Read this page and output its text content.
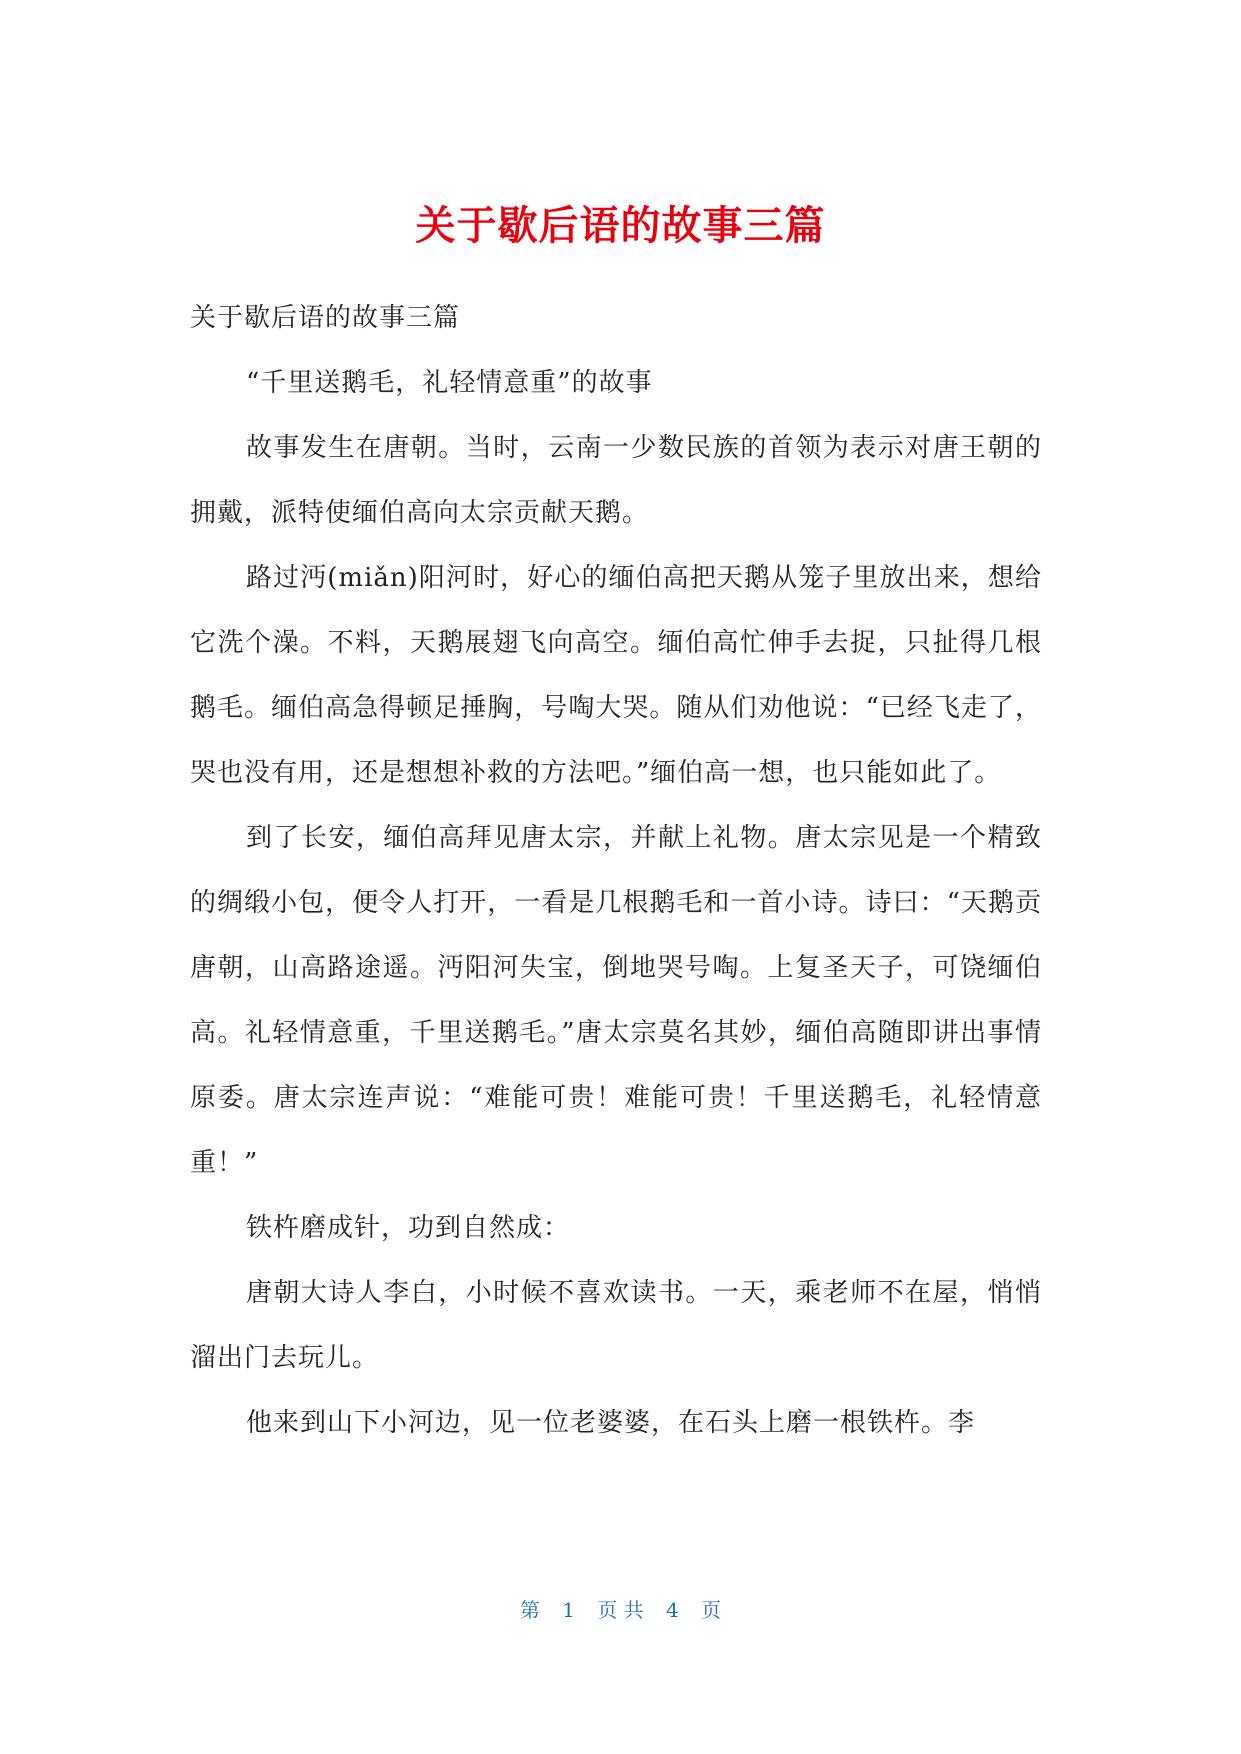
关于歇后语的故事三篇

关于歇后语的故事三篇

“千里送鹅毛，礼轻情意重”的故事

故事发生在唐朝。当时，云南一少数民族的首领为表示对唐王朝的拥戴，派特使缅伯高向太宗贡献天鹅。

路过沔(miǎn)阳河时，好心的缅伯高把天鹅从笼子里放出来，想给它洗个澡。不料，天鹅展翅飞向高空。缅伯高忙伸手去捉，只扯得几根鹅毛。缅伯高急得顿足捶胸，号啕大哭。随从们劝他说：“已经飞走了，哭也没有用，还是想想补救的方法吧。”缅伯高一想，也只能如此了。

到了长安，缅伯高拜见唐太宗，并献上礼物。唐太宗见是一个精致的绸缎小包，便令人打开，一看是几根鹅毛和一首小诗。诗曰：“天鹅贡唐朝，山高路途遥。沔阳河失宝，倒地哭号啕。上复圣天子，可饶缅伯高。礼轻情意重，千里送鹅毛。”唐太宗莫名其妙，缅伯高随即讲出事情原委。唐太宗连声说：“难能可贵！难能可贵！千里送鹅毛，礼轻情意重！”

铁杵磨成针，功到自然成：

唐朝大诗人李白，小时候不喜欢读书。一天，乘老师不在屋，悄悄溜出门去玩儿。

他来到山下小河边，见一位老婆婆，在石头上磨一根铁杵。李

第 1 页 共 4 页
